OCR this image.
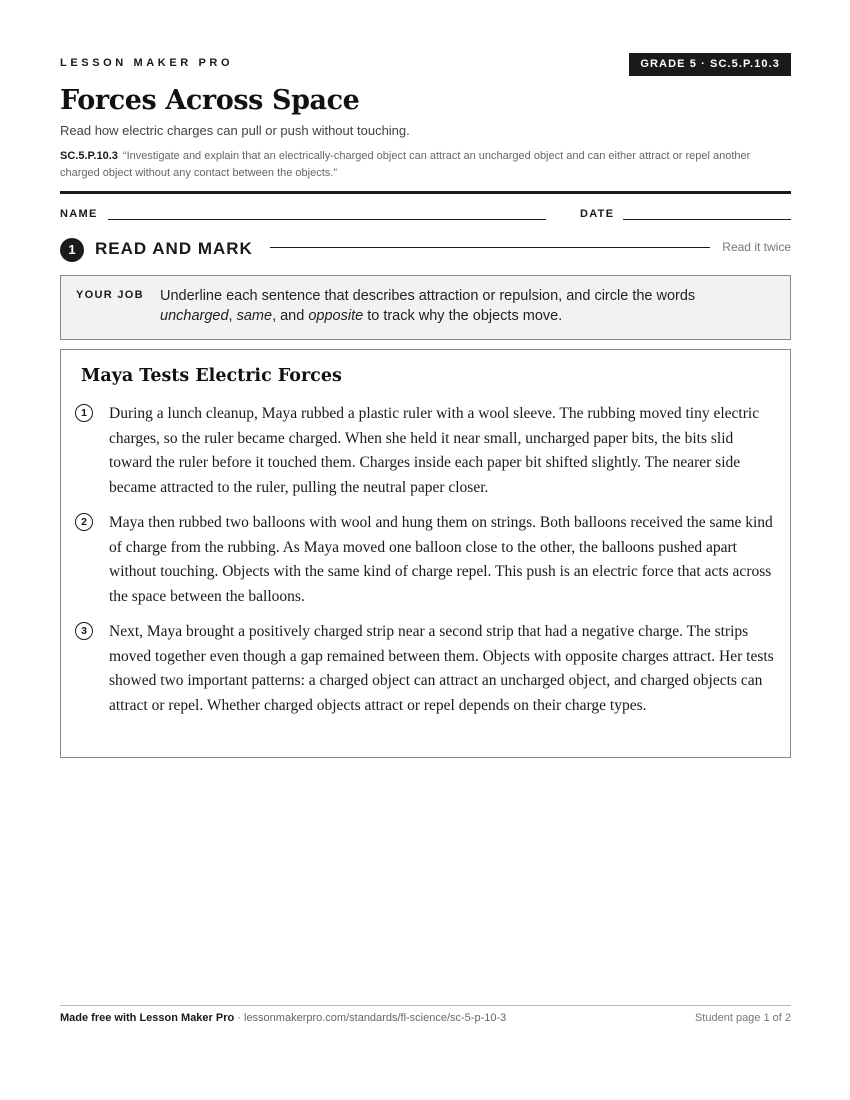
LESSON MAKER PRO	GRADE 5 · SC.5.P.10.3
Forces Across Space
Read how electric charges can pull or push without touching.
SC.5.P.10.3 “Investigate and explain that an electrically-charged object can attract an uncharged object and can either attract or repel another charged object without any contact between the objects.”
NAME	DATE
1	READ AND MARK	Read it twice
YOUR JOB Underline each sentence that describes attraction or repulsion, and circle the words uncharged, same, and opposite to track why the objects move.
Maya Tests Electric Forces
1	During a lunch cleanup, Maya rubbed a plastic ruler with a wool sleeve. The rubbing moved tiny electric charges, so the ruler became charged. When she held it near small, uncharged paper bits, the bits slid toward the ruler before it touched them. Charges inside each paper bit shifted slightly. The nearer side became attracted to the ruler, pulling the neutral paper closer.

2	Maya then rubbed two balloons with wool and hung them on strings. Both balloons received the same kind of charge from the rubbing. As Maya moved one balloon close to the other, the balloons pushed apart without touching. Objects with the same kind of charge repel. This push is an electric force that acts across the space between the balloons.

3	Next, Maya brought a positively charged strip near a second strip that had a negative charge. The strips moved together even though a gap remained between them. Objects with opposite charges attract. Her tests showed two important patterns: a charged object can attract an uncharged object, and charged objects can attract or repel. Whether charged objects attract or repel depends on their charge types.

Made free with Lesson Maker Pro · lessonmakerpro.com/standards/fl-science/sc-5-p-10-3	Student page 1 of 2
